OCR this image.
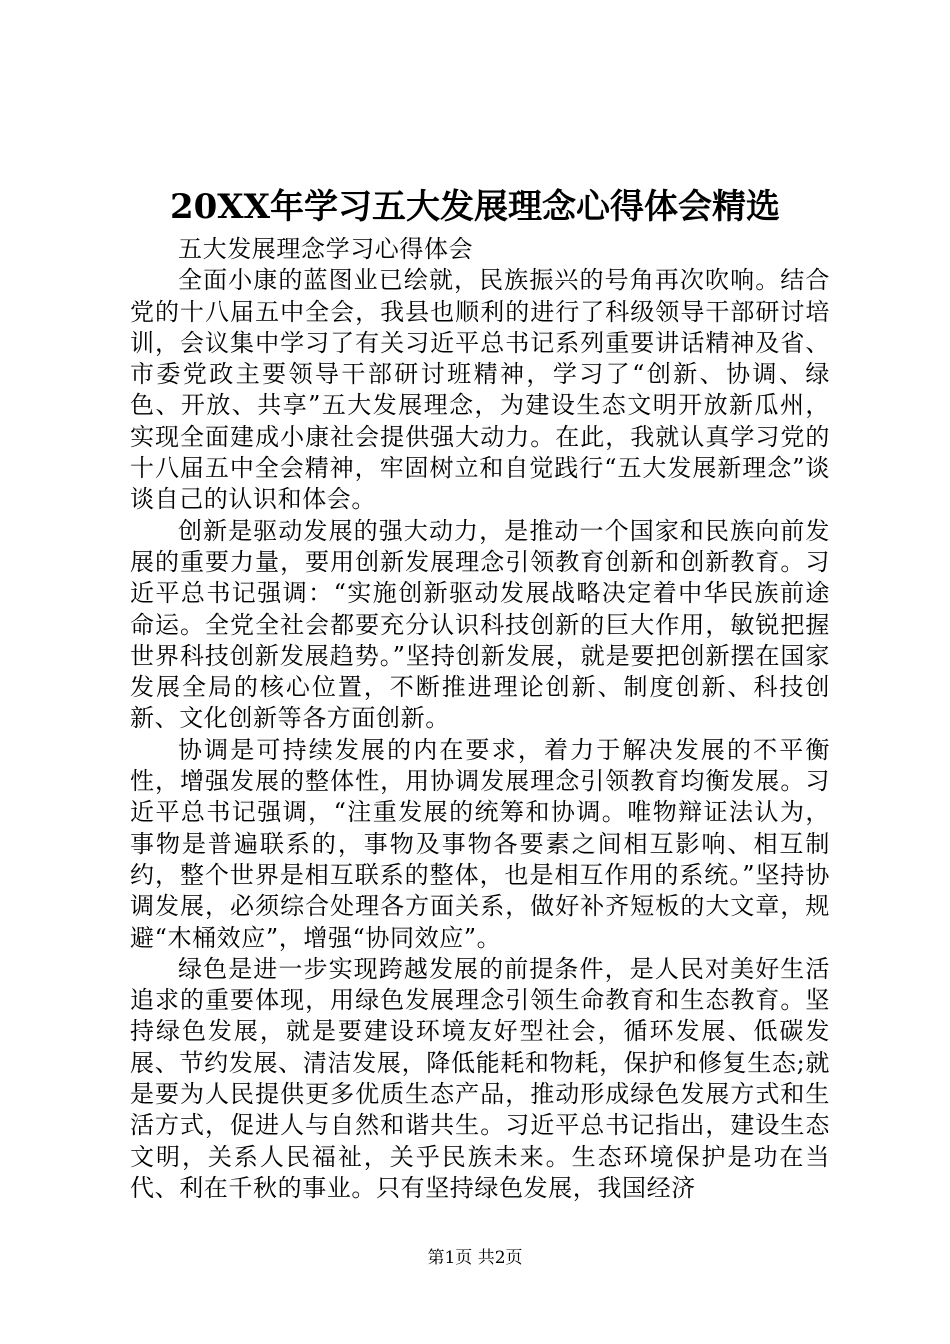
20XX年学习五大发展理念心得体会精选

五大发展理念学习心得体会

全面小康的蓝图业已绘就，民族振兴的号角再次吹响。结合党的十八届五中全会，我县也顺利的进行了科级领导干部研讨培训，会议集中学习了有关习近平总书记系列重要讲话精神及省、市委党政主要领导干部研讨班精神，学习了“创新、协调、绿色、开放、共享”五大发展理念，为建设生态文明开放新瓜州，实现全面建成小康社会提供强大动力。在此，我就认真学习党的十八届五中全会精神，牢固树立和自觉践行“五大发展新理念”谈谈自己的认识和体会。

创新是驱动发展的强大动力，是推动一个国家和民族向前发展的重要力量，要用创新发展理念引领教育创新和创新教育。习近平总书记强调：“实施创新驱动发展战略决定着中华民族前途命运。全党全社会都要充分认识科技创新的巨大作用，敏锐把握世界科技创新发展趋势。”坚持创新发展，就是要把创新摆在国家发展全局的核心位置，不断推进理论创新、制度创新、科技创新、文化创新等各方面创新。

协调是可持续发展的内在要求，着力于解决发展的不平衡性，增强发展的整体性，用协调发展理念引领教育均衡发展。习近平总书记强调，“注重发展的统筹和协调。唯物辩证法认为，事物是普遍联系的，事物及事物各要素之间相互影响、相互制约，整个世界是相互联系的整体，也是相互作用的系统。”坚持协调发展，必须综合处理各方面关系，做好补齐短板的大文章，规避“木桶效应”，增强“协同效应”。

绿色是进一步实现跨越发展的前提条件，是人民对美好生活追求的重要体现，用绿色发展理念引领生命教育和生态教育。坚持绿色发展，就是要建设环境友好型社会，循环发展、低碳发展、节约发展、清洁发展，降低能耗和物耗，保护和修复生态;就是要为人民提供更多优质生态产品，推动形成绿色发展方式和生活方式，促进人与自然和谐共生。习近平总书记指出，建设生态文明，关系人民福祉，关乎民族未来。生态环境保护是功在当代、利在千秋的事业。只有坚持绿色发展，我国经济

第1页 共2页
